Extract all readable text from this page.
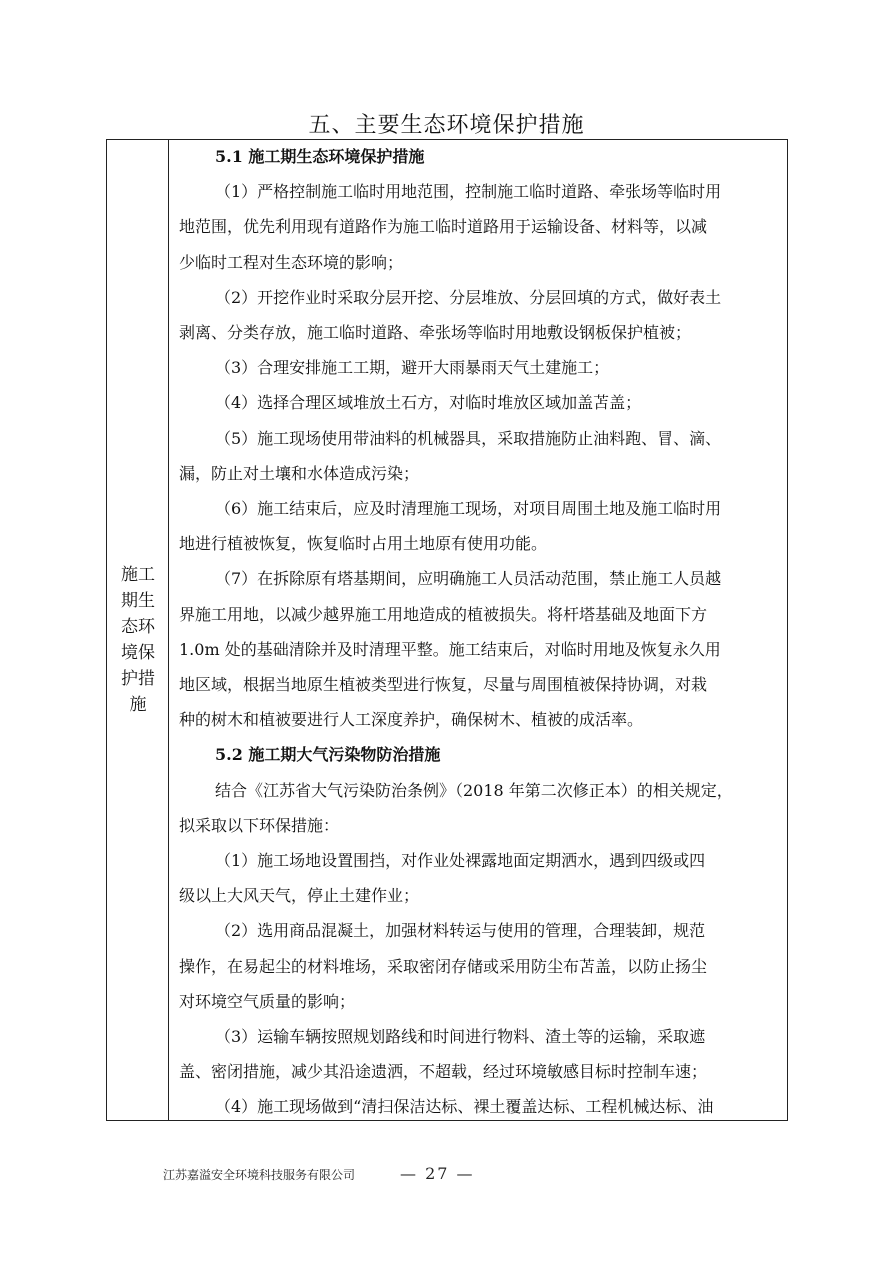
五、主要生态环境保护措施
施工
期生
态环
境保
护措
施
5.1 施工期生态环境保护措施
（1）严格控制施工临时用地范围，控制施工临时道路、牵张场等临时用
地范围，优先利用现有道路作为施工临时道路用于运输设备、材料等，以减
少临时工程对生态环境的影响；
（2）开挖作业时采取分层开挖、分层堆放、分层回填的方式，做好表土
剥离、分类存放，施工临时道路、牵张场等临时用地敷设钢板保护植被；
（3）合理安排施工工期，避开大雨暴雨天气土建施工；
（4）选择合理区域堆放土石方，对临时堆放区域加盖苫盖；
（5）施工现场使用带油料的机械器具，采取措施防止油料跑、冒、滴、
漏，防止对土壤和水体造成污染；
（6）施工结束后，应及时清理施工现场，对项目周围土地及施工临时用
地进行植被恢复，恢复临时占用土地原有使用功能。
（7）在拆除原有塔基期间，应明确施工人员活动范围，禁止施工人员越
界施工用地，以减少越界施工用地造成的植被损失。将杆塔基础及地面下方
1.0m 处的基础清除并及时清理平整。施工结束后，对临时用地及恢复永久用
地区域，根据当地原生植被类型进行恢复，尽量与周围植被保持协调，对栽
种的树木和植被要进行人工深度养护，确保树木、植被的成活率。
5.2 施工期大气污染物防治措施
结合《江苏省大气污染防治条例》（2018 年第二次修正本）的相关规定，
拟采取以下环保措施：
（1）施工场地设置围挡，对作业处裸露地面定期洒水，遇到四级或四
级以上大风天气，停止土建作业；
（2）选用商品混凝土，加强材料转运与使用的管理，合理装卸，规范
操作，在易起尘的材料堆场，采取密闭存储或采用防尘布苫盖，以防止扬尘
对环境空气质量的影响；
（3）运输车辆按照规划路线和时间进行物料、渣土等的运输，采取遮
盖、密闭措施，减少其沿途遗洒，不超载，经过环境敏感目标时控制车速；
（4）施工现场做到“清扫保洁达标、裸土覆盖达标、工程机械达标、油
江苏嘉溢安全环境科技服务有限公司	— 27 —
